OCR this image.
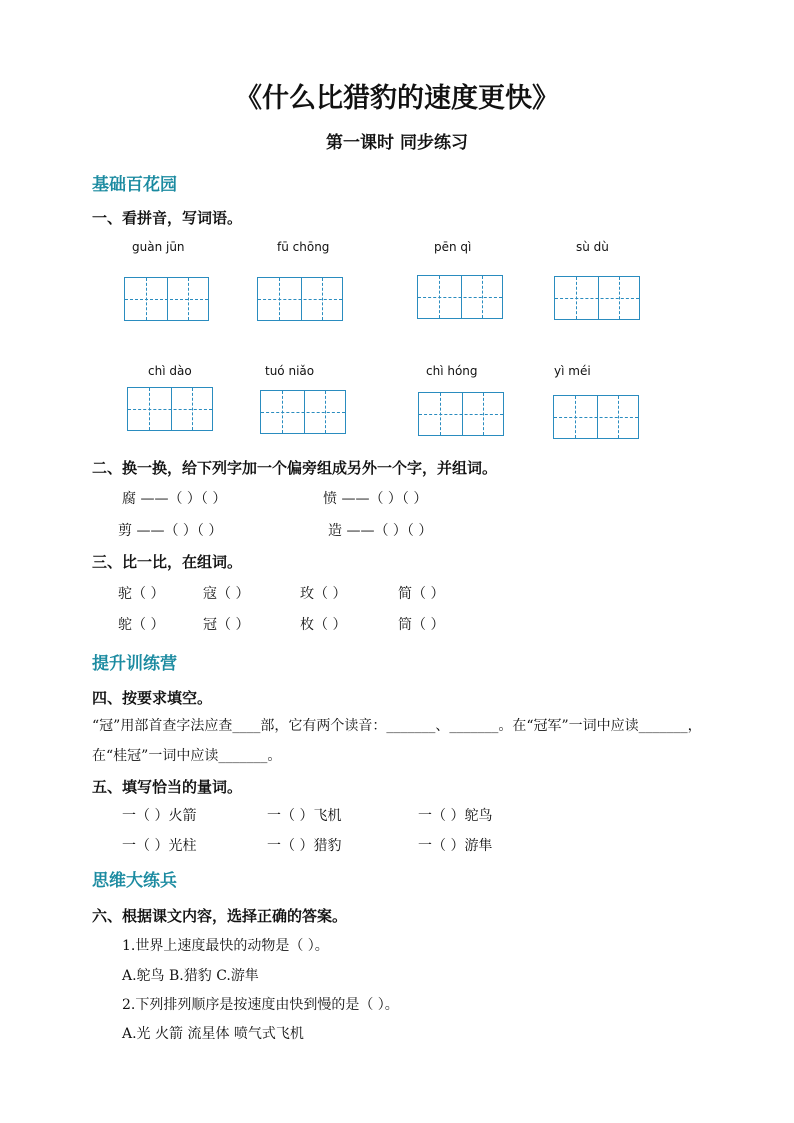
《什么比猎豹的速度更快》
第一课时 同步练习
基础百花园
一、看拼音，写词语。
guàn jūn	fū chōng	pēn qì	sù dù
chì dào	tuó niǎo	chì hóng	yì méi
二、换一换，给下列字加一个偏旁组成另外一个字，并组词。
腐 ——（ ）（ ）	愤 ——（ ）（ ）
剪 ——（ ）（ ）	造 ——（ ）（ ）
三、比一比，在组词。
驼（ ）	寇（ ）	玫（ ）	简（ ）
鸵（ ）	冠（ ）	枚（ ）	筒（ ）
提升训练营
四、按要求填空。
“冠”用部首查字法应查____部，它有两个读音：_______、_______。在“冠军”一词中应读_______，在“桂冠”一词中应读_______。
五、填写恰当的量词。
一（ ）火箭	一（ ）飞机	一（ ）鸵鸟
一（ ）光柱	一（ ）猎豹	一（ ）游隼
思维大练兵
六、根据课文内容，选择正确的答案。
1.世界上速度最快的动物是（ ）。
A.鸵鸟 B.猎豹 C.游隼
2.下列排列顺序是按速度由快到慢的是（ ）。
A.光 火箭 流星体 喷气式飞机
